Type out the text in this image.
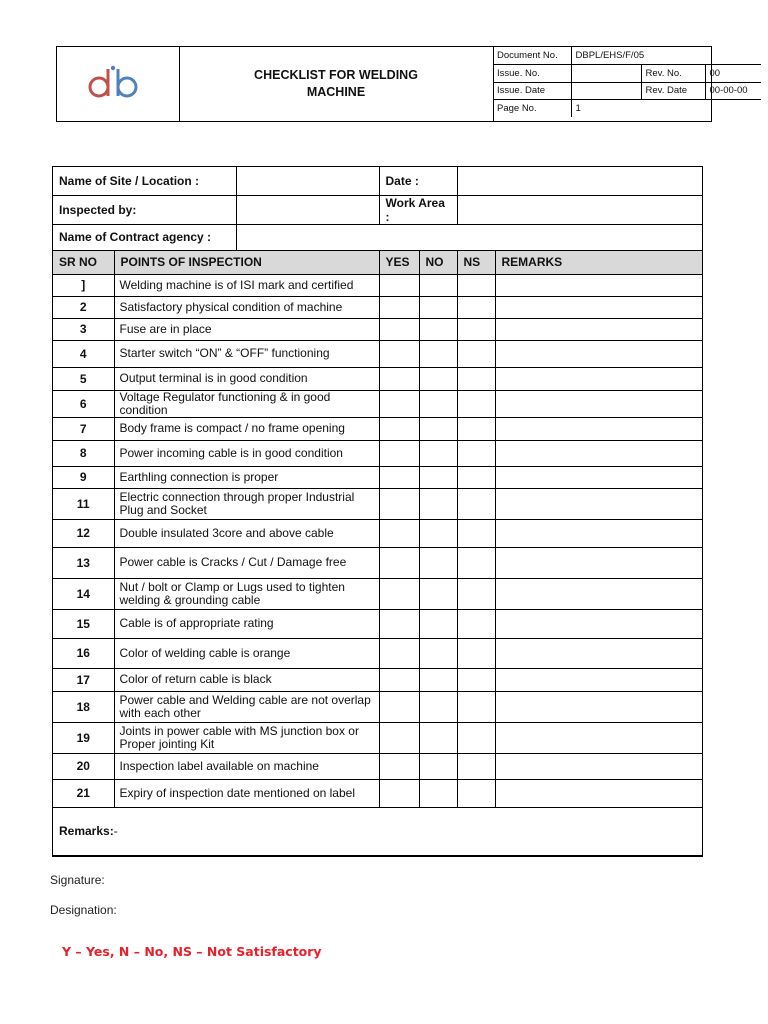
CHECKLIST FOR WELDING MACHINE
Document No.	DBPL/EHS/F/05		
Issue. No.		Rev. No.	00
Issue. Date		Rev. Date	00-00-00
Page No.	1		
Name of Site / Location :			Date :			
Inspected by:			Work Area :			
Name of Contract agency :						
SR NO	POINTS OF INSPECTION		YES	NO	NS	REMARKS
]	Welding machine is of ISI mark and certified					
2	Satisfactory physical condition of machine					
3	Fuse are in place					
4	Starter switch “ON” & “OFF” functioning					
5	Output terminal is in good condition					
6	Voltage Regulator functioning & in good condition					
7	Body frame is compact / no frame opening					
8	Power incoming cable is in good condition					
9	Earthling connection is proper					
11	Electric connection through proper Industrial Plug and Socket					
12	Double insulated 3core and above cable					
13	Power cable is Cracks / Cut / Damage free					
14	Nut / bolt or Clamp or Lugs used to tighten welding & grounding cable					
15	Cable is of appropriate rating					
16	Color of welding cable is orange					
17	Color of return cable is black					
18	Power cable and Welding cable are not overlap with each other					
19	Joints in power cable with MS junction box or Proper jointing Kit					
20	Inspection label available on machine					
21	Expiry of inspection date mentioned on label					
Remarks:-						
Signature:
Designation:
Y – Yes, N – No, NS – Not Satisfactory
